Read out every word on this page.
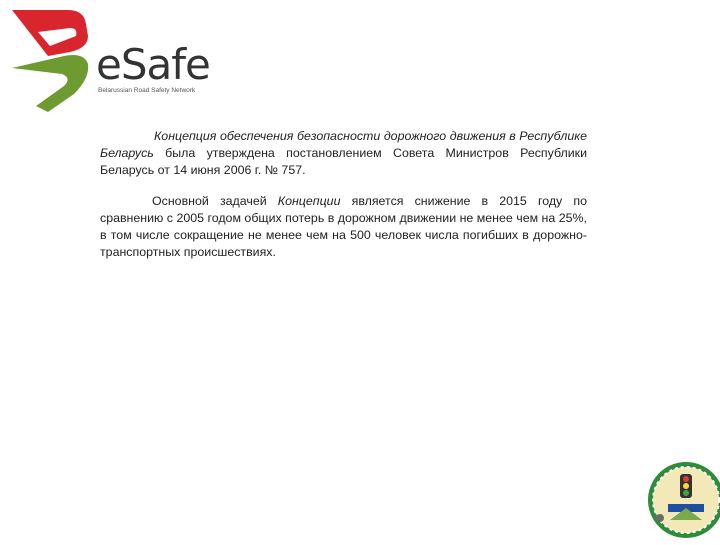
eSafe
Belarussian Road Safety Network

Концепция обеспечения безопасности дорожного движения в Республике Беларусь была утверждена постановлением Совета Министров Республики Беларусь от 14 июня 2006 г. № 757.

Основной задачей Концепции является снижение в 2015 году по сравнению с 2005 годом общих потерь в дорожном движении не менее чем на 25%, в том числе сокращение не менее чем на 500 человек числа погибших в дорожно-транспортных происшествиях.
